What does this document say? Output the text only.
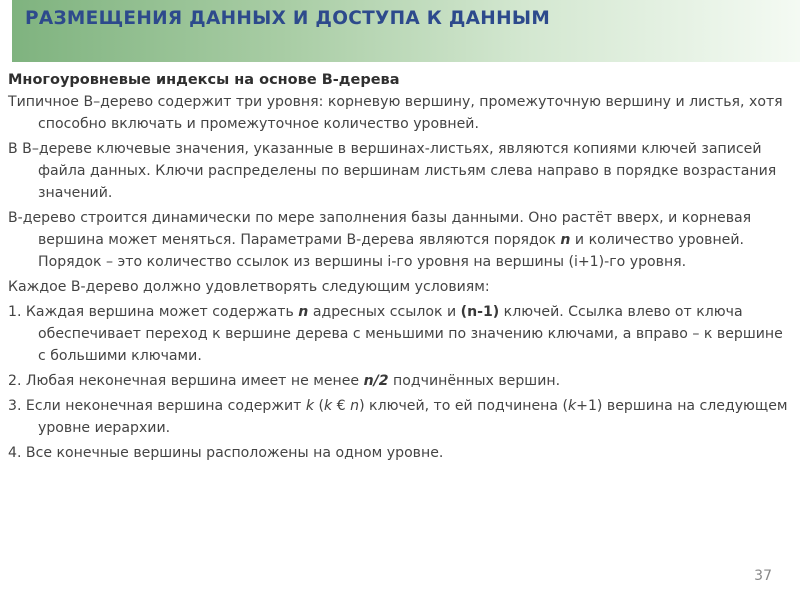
РАЗМЕЩЕНИЯ ДАННЫХ И ДОСТУПА К ДАННЫМ

Многоуровневые индексы на основе В-дерева

Типичное В–дерево содержит три уровня: корневую вершину, промежуточную вершину и листья, хотя способно включать и промежуточное количество уровней.

В В–дереве ключевые значения, указанные в вершинах-листьях, являются копиями ключей записей файла данных. Ключи распределены по вершинам листьям слева направо в порядке возрастания значений.

В-дерево строится динамически по мере заполнения базы данными. Оно растёт вверх, и корневая вершина может меняться. Параметрами В-дерева являются порядок n и количество уровней. Порядок – это количество ссылок из вершины i-го уровня на вершины (i+1)-го уровня.

Каждое В-дерево должно удовлетворять следующим условиям:

1. Каждая вершина может содержать n адресных ссылок и (n-1) ключей. Ссылка влево от ключа обеспечивает переход к вершине дерева с меньшими по значению ключами, а вправо – к вершине с большими ключами.

2. Любая неконечная вершина имеет не менее n/2 подчинённых вершин.

3. Если неконечная вершина содержит k (k € n) ключей, то ей подчинена (k+1) вершина на следующем уровне иерархии.

4. Все конечные вершины расположены на одном уровне.

37
